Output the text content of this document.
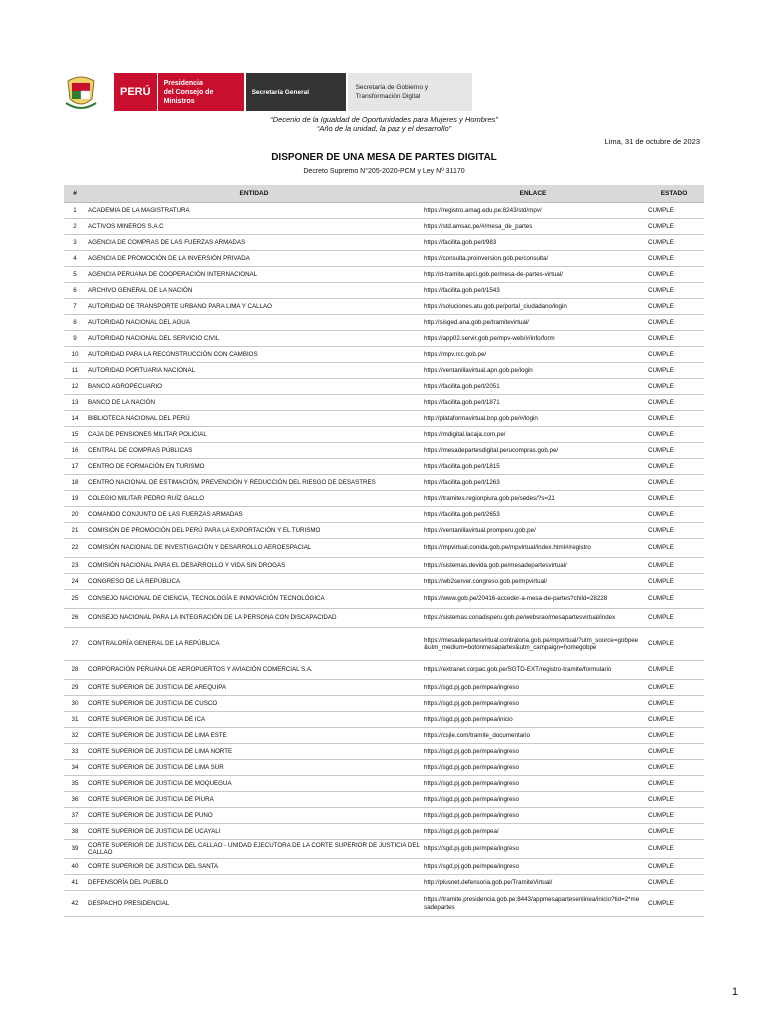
PERÚ
Presidencia
del Consejo de Ministros
Secretaría General
Secretaría de Gobierno y
Transformación Digital
“Decenio de la Igualdad de Oportunidades para Mujeres y Hombres”
“Año de la unidad, la paz y el desarrollo”
Lima, 31 de octubre de 2023
DISPONER DE UNA MESA DE PARTES DIGITAL
Decreto Supremo N°205-2020-PCM y Ley Nº 31170
#	ENTIDAD	ENLACE	ESTADO
1	ACADEMIA DE LA MAGISTRATURA	https://registro.amag.edu.pe:8243/std/mpv/	CUMPLE
2	ACTIVOS MINEROS S.A.C	https://std.amsac.pe/#/mesa_de_partes	CUMPLE
3	AGENCIA DE COMPRAS DE LAS FUERZAS ARMADAS	https://facilita.gob.pe/t/983	CUMPLE
4	AGENCIA DE PROMOCIÓN DE LA INVERSIÓN PRIVADA	https://consulta.proinversion.gob.pe/consulta/	CUMPLE
5	AGENCIA PERUANA DE COOPERACIÓN INTERNACIONAL	http://d-tramite.apci.gob.pe/mesa-de-partes-virtual/	CUMPLE
6	ARCHIVO GENERAL DE LA NACIÓN	https://facilita.gob.pe/t/1543	CUMPLE
7	AUTORIDAD DE TRANSPORTE URBANO PARA LIMA Y CALLAO	https://soluciones.atu.gob.pe/portal_ciudadano/login	CUMPLE
8	AUTORIDAD NACIONAL DEL AGUA	http://sisged.ana.gob.pe/tramitevirtual/	CUMPLE
9	AUTORIDAD NACIONAL DEL SERVICIO CIVIL	https://app02.servir.gob.pe/mpv-web/#/info/form	CUMPLE
10	AUTORIDAD PARA LA RECONSTRUCCIÓN CON CAMBIOS	https://mpv.rcc.gob.pe/	CUMPLE
11	AUTORIDAD PORTUARIA NACIONAL	https://ventanillavirtual.apn.gob.pe/login	CUMPLE
12	BANCO AGROPECUARIO	https://facilita.gob.pe/t/2051	CUMPLE
13	BANCO DE LA NACIÓN	https://facilita.gob.pe/t/1871	CUMPLE
14	BIBLIOTECA NACIONAL DEL PERÚ	http://plataformavirtual.bnp.gob.pe/#/login	CUMPLE
15	CAJA DE PENSIONES MILITAR POLICIAL	https://mdigital.lacaja.com.pe/	CUMPLE
16	CENTRAL DE COMPRAS PÚBLICAS	https://mesadepartesdigital.perucompras.gob.pe/	CUMPLE
17	CENTRO DE FORMACIÓN EN TURISMO	https://facilita.gob.pe/t/1815	CUMPLE
18	CENTRO NACIONAL DE ESTIMACIÓN, PREVENCIÓN Y REDUCCIÓN DEL RIESGO DE DESASTRES	https://facilita.gob.pe/t/1263	CUMPLE
19	COLEGIO MILITAR PEDRO RUÍZ GALLO	https://tramites.regionpiura.gob.pe/sedes/?s=21	CUMPLE
20	COMANDO CONJUNTO DE LAS FUERZAS ARMADAS	https://facilita.gob.pe/t/2653	CUMPLE
21	COMISIÓN DE PROMOCIÓN DEL PERÚ PARA LA EXPORTACIÓN Y EL TURISMO	https://ventanillavirtual.promperu.gob.pe/	CUMPLE
22	COMISIÓN NACIONAL DE INVESTIGACIÓN Y DESARROLLO AEROESPACIAL	https://mpvirtual.conida.gob.pe/mpvirtual/index.html#/registro	CUMPLE
23	COMISIÓN NACIONAL PARA EL DESARROLLO Y VIDA SIN DROGAS	https://sistemas.devida.gob.pe/mesadepartesvirtual/	CUMPLE
24	CONGRESO DE LA REPÚBLICA	https://wb2server.congreso.gob.pe/mpvirtual/	CUMPLE
25	CONSEJO NACIONAL DE CIENCIA, TECNOLOGÍA E INNOVACIÓN TECNOLÓGICA	https://www.gob.pe/20416-acceder-a-mesa-de-partes?child=28228	CUMPLE
26	CONSEJO NACIONAL PARA LA INTEGRACIÓN DE LA PERSONA CON DISCAPACIDAD	https://sistemas.conadisperu.gob.pe/websrao/mesapartesvirtual/index	CUMPLE
27	CONTRALORÍA GENERAL DE LA REPÚBLICA	https://mesadepartesvirtual.contraloria.gob.pe/mpvirtual/?utm_source=gobpee&utm_medium=botonmesapartes&utm_campaign=homegobpe	CUMPLE
28	CORPORACIÓN PERUANA DE AEROPUERTOS Y AVIACIÓN COMERCIAL S.A.	https://extranet.corpac.gob.pe/SGTD-EXT/registro-tramite/formulario	CUMPLE
29	CORTE SUPERIOR DE JUSTICIA DE AREQUIPA	https://sgd.pj.gob.pe/mpea/ingreso	CUMPLE
30	CORTE SUPERIOR DE JUSTICIA DE CUSCO	https://sgd.pj.gob.pe/mpea/ingreso	CUMPLE
31	CORTE SUPERIOR DE JUSTICIA DE ICA	https://sgd.pj.gob.pe/mpea/inicio	CUMPLE
32	CORTE SUPERIOR DE JUSTICIA DE LIMA ESTE	https://csjle.com/tramite_documentario	CUMPLE
33	CORTE SUPERIOR DE JUSTICIA DE LIMA NORTE	https://sgd.pj.gob.pe/mpea/ingreso	CUMPLE
34	CORTE SUPERIOR DE JUSTICIA DE LIMA SUR	https://sgd.pj.gob.pe/mpea/ingreso	CUMPLE
35	CORTE SUPERIOR DE JUSTICIA DE MOQUEGUA	https://sgd.pj.gob.pe/mpea/ingreso	CUMPLE
36	CORTE SUPERIOR DE JUSTICIA DE PIURA	https://sgd.pj.gob.pe/mpea/ingreso	CUMPLE
37	CORTE SUPERIOR DE JUSTICIA DE PUNO	https://sgd.pj.gob.pe/mpea/ingreso	CUMPLE
38	CORTE SUPERIOR DE JUSTICIA DE UCAYALI	https://sgd.pj.gob.pe/mpea/	CUMPLE
39	CORTE SUPERIOR DE JUSTICIA DEL CALLAO - UNIDAD EJECUTORA DE LA CORTE SUPERIOR DE JUSTICIA DEL CALLAO	https://sgd.pj.gob.pe/mpea/ingreso	CUMPLE
40	CORTE SUPERIOR DE JUSTICIA DEL SANTA	https://sgd.pj.gob.pe/mpea/ingreso	CUMPLE
41	DEFENSORÍA DEL PUEBLO	http://plusnet.defensoria.gob.pe/TramiteVirtual/	CUMPLE
42	DESPACHO PRESIDENCIAL	https://tramite.presidencia.gob.pe:8443/appmesapartesenlinea/inicio?tid=2*mesadepartes	CUMPLE
1
